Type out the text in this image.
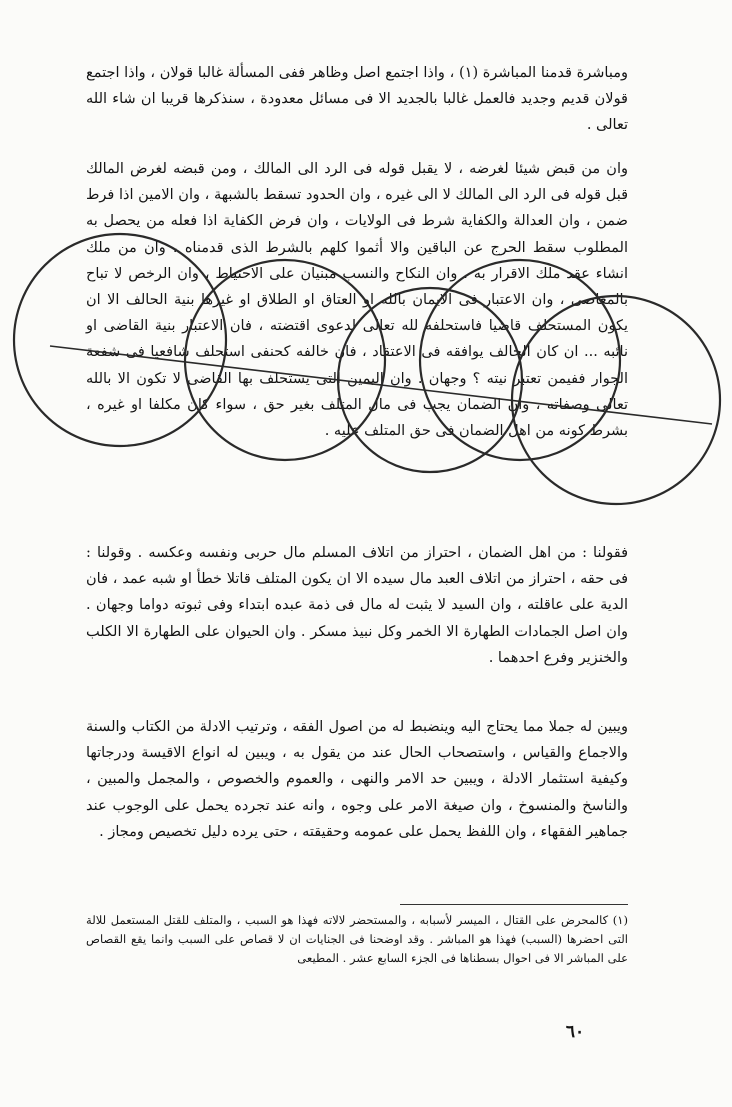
ومباشرة قدمنا المباشرة (١) ، واذا اجتمع اصل وظاهر ففى المسألة غالبا قولان ، واذا اجتمع قولان قديم وجديد فالعمل غالبا بالجديد الا فى مسائل معدودة ، سنذكرها قريبا ان شاء الله تعالى .

وان من قبض شيئا لغرضه ، لا يقبل قوله فى الرد الى المالك ، ومن قبضه لغرض المالك قبل قوله فى الرد الى المالك لا الى غيره ، وان الحدود تسقط بالشبهة ، وان الامين اذا فرط ضمن ، وان العدالة والكفاية شرط فى الولايات ، وان فرض الكفاية اذا فعله من يحصل به المطلوب سقط الحرج عن الباقين والا أثموا كلهم بالشرط الذى قدمناه ، وان من ملك انشاء عقد ملك الاقرار به ، وان النكاح والنسب مبنيان على الاحتياط ، وان الرخص لا تباح بالمعاصى ، وان الاعتبار فى الايمان بالله او العتاق او الطلاق او غيرها بنية الحالف الا ان يكون المستحلف قاضيا فاستحلفه لله تعالى لدعوى اقتضته ، فان الاعتبار بنية القاضى او نائبه ... ان كان الحالف يوافقه فى الاعتقاد ، فان خالفه كحنفى استحلف شافعيا فى شفعة الجوار ففيمن تعتبر نيته ؟ وجهان . وان اليمين التى يستحلف بها القاضى لا تكون الا بالله تعالى وصفاته ، وان الضمان يجب فى مال المتلف بغير حق ، سواء كان مكلفا او غيره ، بشرط كونه من اهل الضمان فى حق المتلف عليه .

فقولنا : من اهل الضمان ، احتراز من اتلاف المسلم مال حربى ونفسه وعكسه . وقولنا : فى حقه ، احتراز من اتلاف العبد مال سيده الا ان يكون المتلف قاتلا خطأ او شبه عمد ، فان الدية على عاقلته ، وان السيد لا يثبت له مال فى ذمة عبده ابتداء وفى ثبوته دواما وجهان . وان اصل الجمادات الطهارة الا الخمر وكل نبيذ مسكر . وان الحيوان على الطهارة الا الكلب والخنزير وفرع احدهما .

ويبين له جملا مما يحتاج اليه وينضبط له من اصول الفقه ، وترتيب الادلة من الكتاب والسنة والاجماع والقياس ، واستصحاب الحال عند من يقول به ، ويبين له انواع الاقيسة ودرجاتها وكيفية استثمار الادلة ، ويبين حد الامر والنهى ، والعموم والخصوص ، والمجمل والمبين ، والناسخ والمنسوخ ، وان صيغة الامر على وجوه ، وانه عند تجرده يحمل على الوجوب عند جماهير الفقهاء ، وان اللفظ يحمل على عمومه وحقيقته ، حتى يرده دليل تخصيص ومجاز .

(١) كالمحرض على القتال ، الميسر لأسبابه ، والمستحضر لالاته فهذا هو السبب ، والمتلف للقتل المستعمل للالة التى احضرها (السبب) فهذا هو المباشر . وقد اوضحنا فى الجنايات ان لا قصاص على السبب وانما يقع القصاص على المباشر الا فى احوال بسطناها فى الجزء السابع عشر . المطيعى

٦٠
